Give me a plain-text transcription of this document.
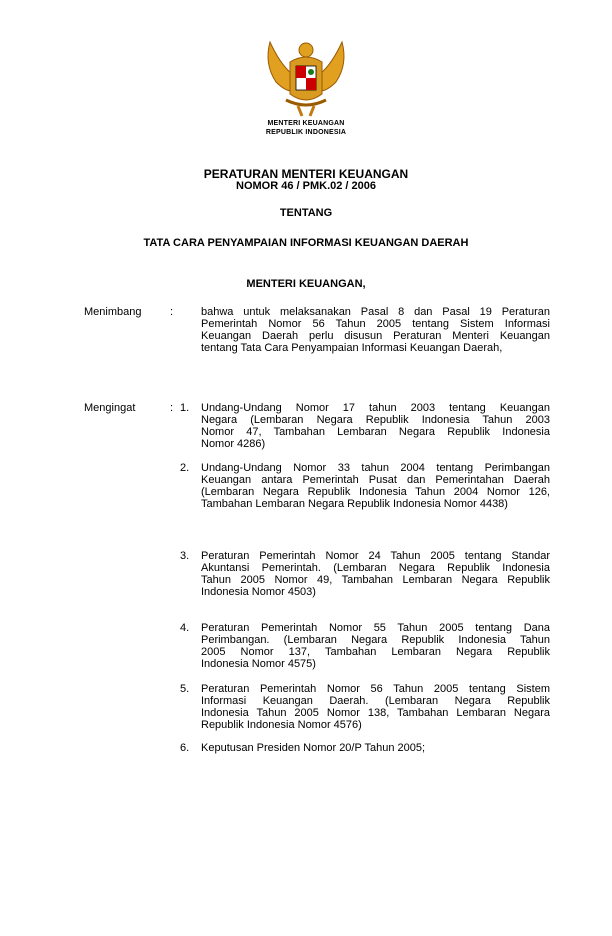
MENTERI KEUANGAN
REPUBLIK INDONESIA
PERATURAN MENTERI KEUANGAN
NOMOR 46 / PMK.02 / 2006
TENTANG
TATA CARA PENYAMPAIAN INFORMASI KEUANGAN DAERAH
MENTERI KEUANGAN,
Menimbang	:	bahwa untuk melaksanakan Pasal 8 dan Pasal 19 Peraturan
Pemerintah Nomor 56 Tahun 2005 tentang Sistem Informasi
Keuangan Daerah perlu disusun Peraturan Menteri Keuangan
tentang Tata Cara Penyampaian Informasi Keuangan Daerah,
Mengingat	: 1. Undang-Undang Nomor 17 tahun 2003 tentang Keuangan
Negara (Lembaran Negara Republik Indonesia Tahun 2003
Nomor 47, Tambahan Lembaran Negara Republik Indonesia
Nomor 4286)
2. Undang-Undang Nomor 33 tahun 2004 tentang Perimbangan
Keuangan antara Pemerintah Pusat dan Pemerintahan Daerah
(Lembaran Negara Republik Indonesia Tahun 2004 Nomor 126,
Tambahan Lembaran Negara Republik Indonesia Nomor 4438)
3. Peraturan Pemerintah Nomor 24 Tahun 2005 tentang Standar
Akuntansi Pemerintah. (Lembaran Negara Republik Indonesia
Tahun 2005 Nomor 49, Tambahan Lembaran Negara Republik
Indonesia Nomor 4503)
4. Peraturan Pemerintah Nomor 55 Tahun 2005 tentang Dana
Perimbangan. (Lembaran Negara Republik Indonesia Tahun
2005 Nomor 137, Tambahan Lembaran Negara Republik
Indonesia Nomor 4575)
5. Peraturan Pemerintah Nomor 56 Tahun 2005 tentang Sistem
Informasi Keuangan Daerah. (Lembaran Negara Republik
Indonesia Tahun 2005 Nomor 138, Tambahan Lembaran Negara
Republik Indonesia Nomor 4576)
6. Keputusan Presiden Nomor 20/P Tahun 2005;
